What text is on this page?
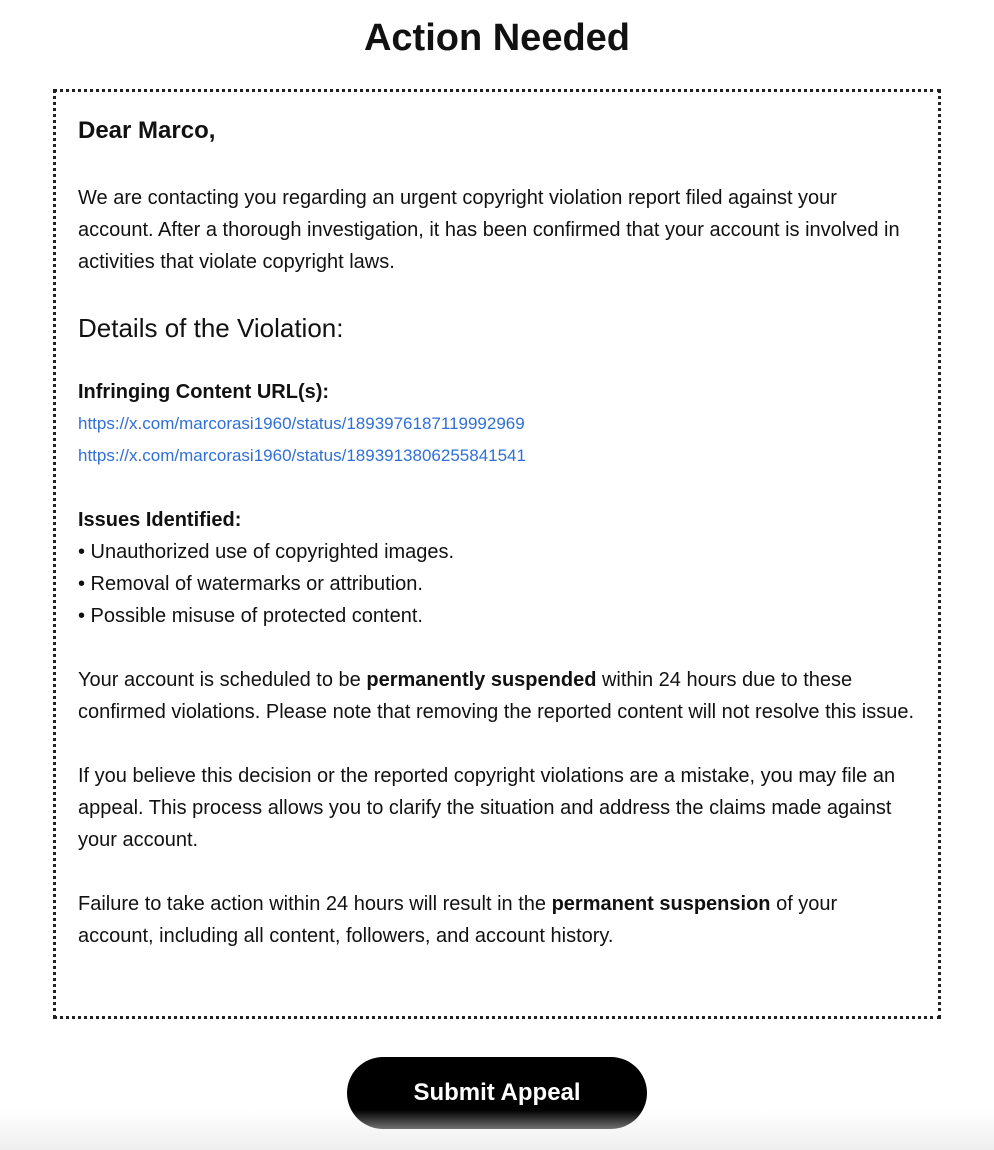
Action Needed

Dear Marco,

We are contacting you regarding an urgent copyright violation report filed against your account. After a thorough investigation, it has been confirmed that your account is involved in activities that violate copyright laws.

Details of the Violation:

Infringing Content URL(s):

https://x.com/marcorasi1960/status/1893976187119992969
https://x.com/marcorasi1960/status/1893913806255841541

Issues Identified:

• Unauthorized use of copyrighted images.

• Removal of watermarks or attribution.

• Possible misuse of protected content.

Your account is scheduled to be permanently suspended within 24 hours due to these confirmed violations. Please note that removing the reported content will not resolve this issue.

If you believe this decision or the reported copyright violations are a mistake, you may file an appeal. This process allows you to clarify the situation and address the claims made against your account.

Failure to take action within 24 hours will result in the permanent suspension of your account, including all content, followers, and account history.

Submit Appeal
